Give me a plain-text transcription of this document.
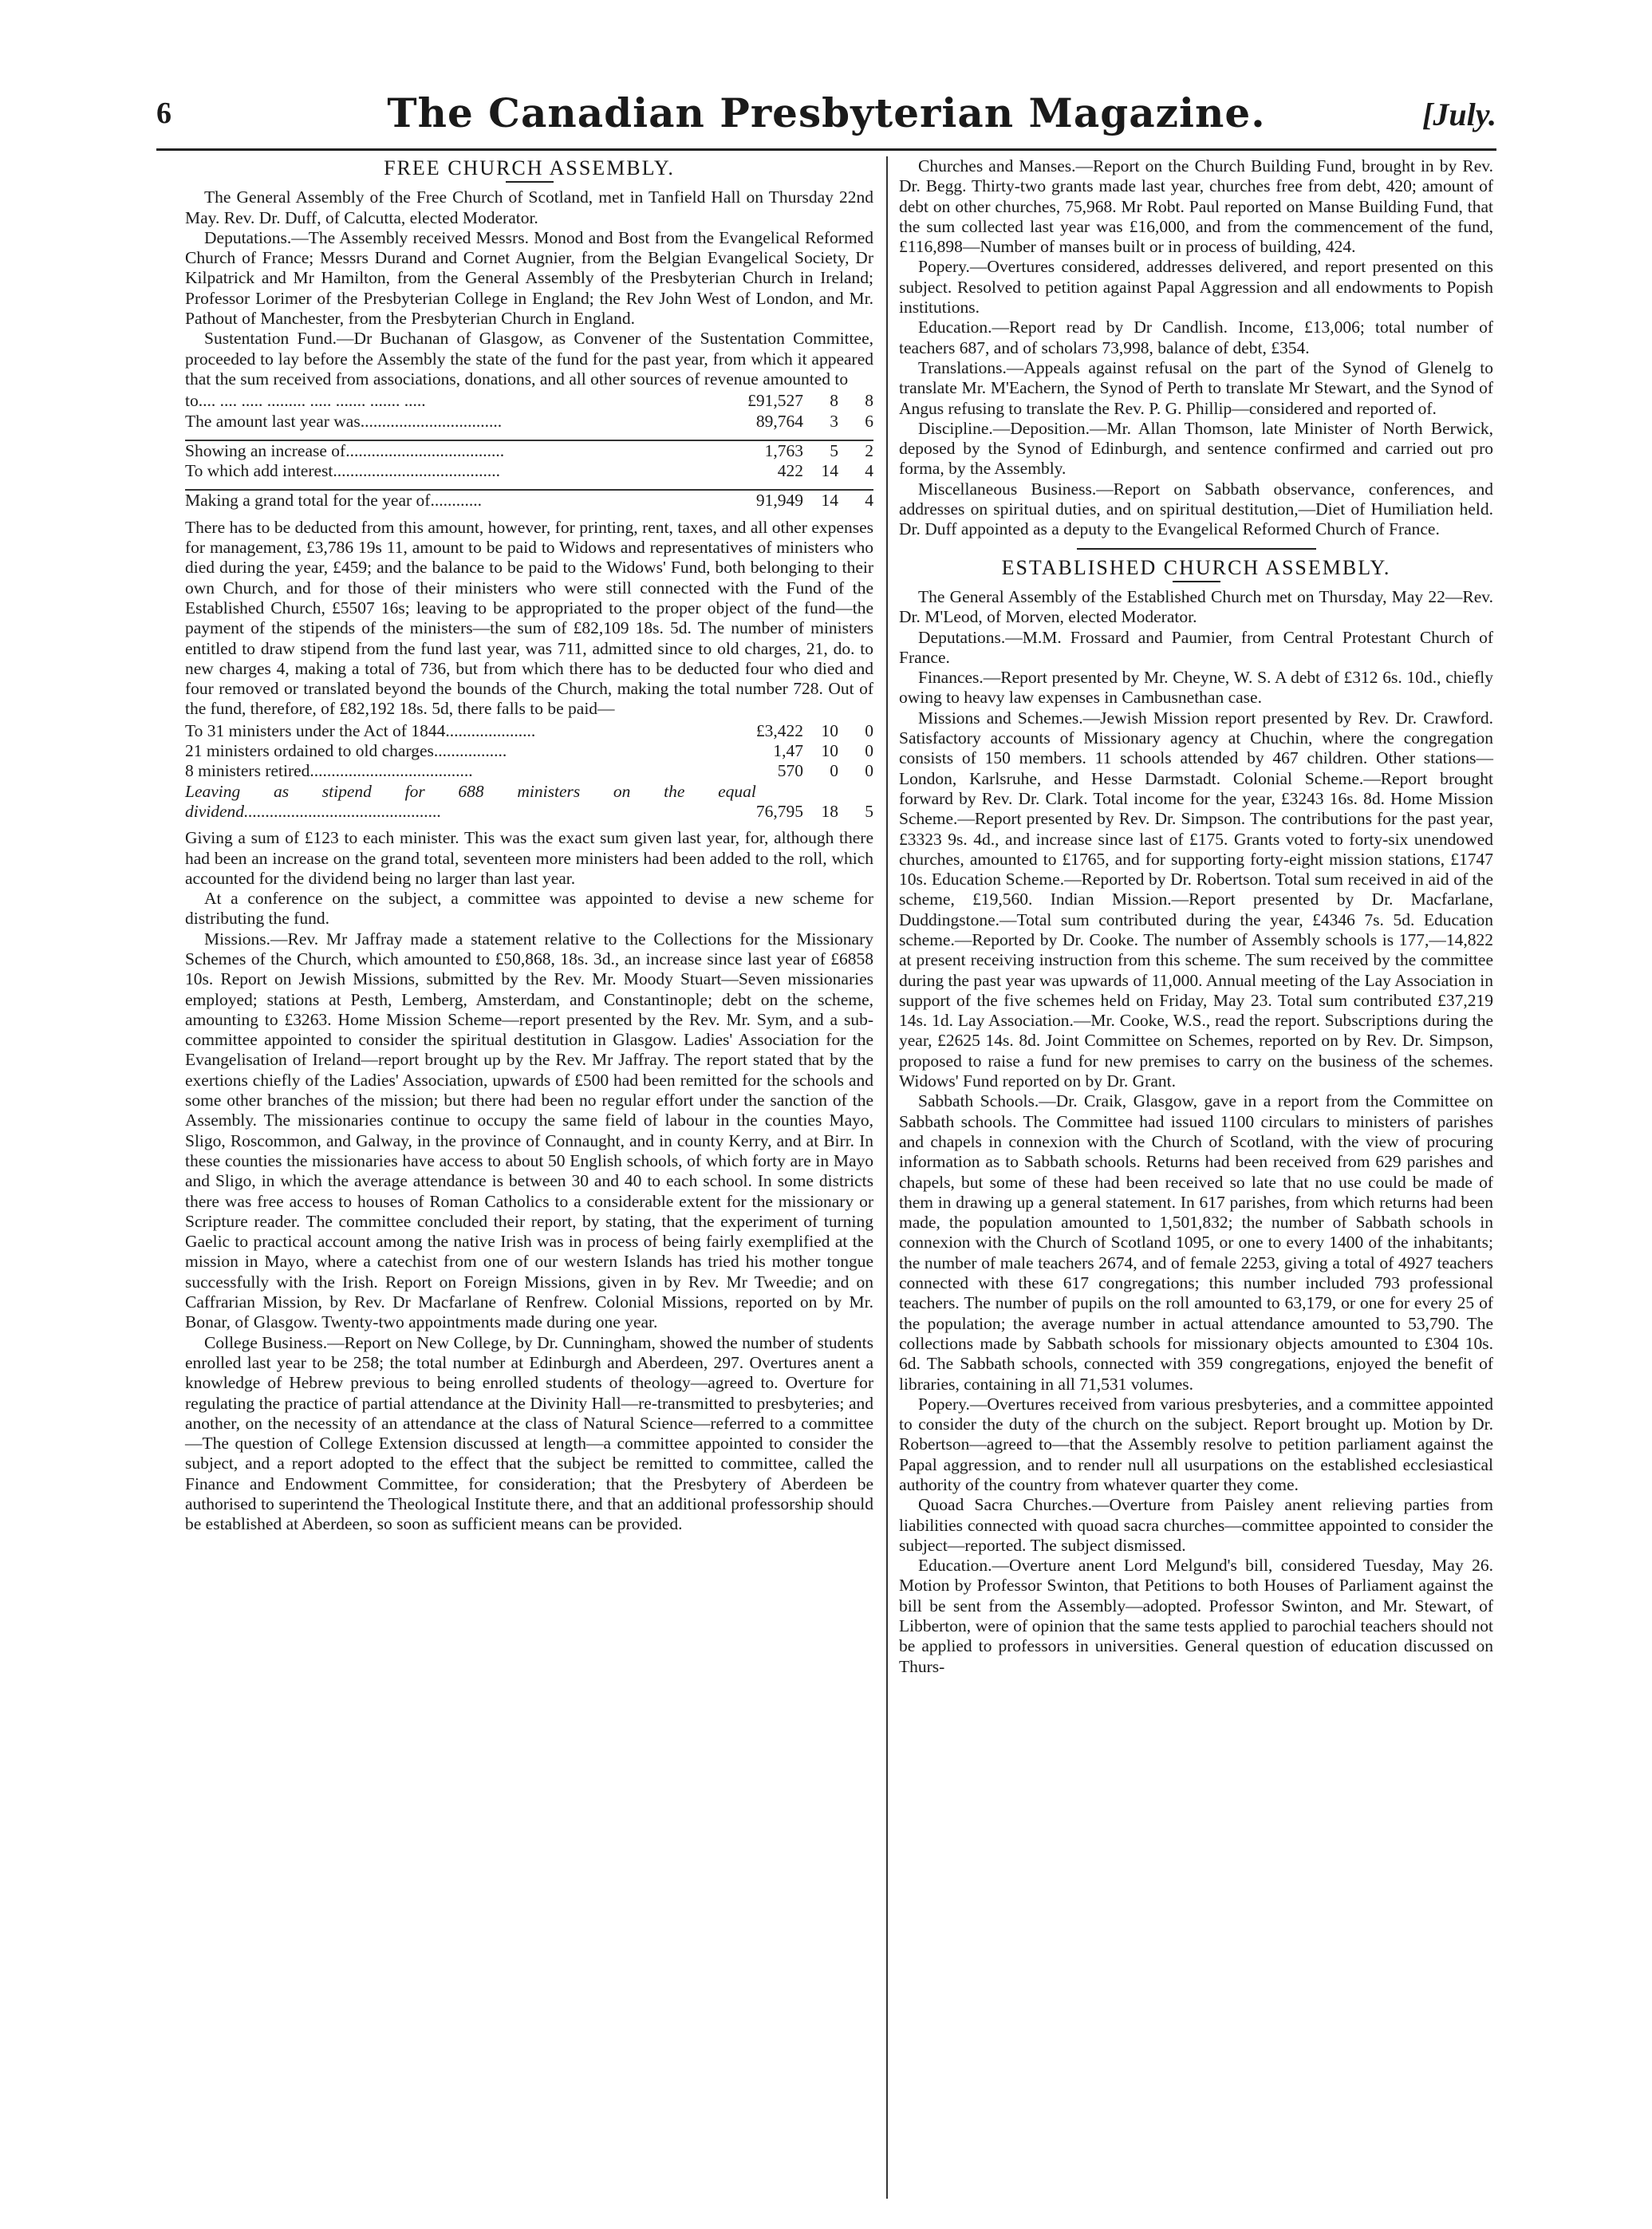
6	The Canadian Presbyterian Magazine.	[July.
FREE CHURCH ASSEMBLY.

The General Assembly of the Free Church of Scotland, met in Tanfield Hall on Thursday 22nd May. Rev. Dr. Duff, of Calcutta, elected Moderator.

Deputations.—The Assembly received Messrs. Monod and Bost from the Evangelical Reformed Church of France; Messrs Durand and Cornet Augnier, from the Belgian Evangelical Society, Dr Kilpatrick and Mr Hamilton, from the General Assembly of the Presbyterian Church in Ireland; Professor Lorimer of the Presbyterian College in England; the Rev John West of London, and Mr. Pathout of Manchester, from the Presbyterian Church in England.

Sustentation Fund.—Dr Buchanan of Glasgow, as Convener of the Sustentation Committee, proceeded to lay before the Assembly the state of the fund for the past year, from which it appeared that the sum received from associations, donations, and all other sources of revenue amounted to

to.... .... ..... ......... ..... ....... ....... .....	£91,527	8	8
The amount last year was.................................	89,764	3	6

Showing an increase of.....................................	1,763	5	2
To which add interest.......................................	422	14	4

Making a grand total for the year of............	91,949	14	4

There has to be deducted from this amount, however, for printing, rent, taxes, and all other expenses for management, £3,786 19s 11, amount to be paid to Widows and representatives of ministers who died during the year, £459; and the balance to be paid to the Widows' Fund, both belonging to their own Church, and for those of their ministers who were still connected with the Fund of the Established Church, £5507 16s; leaving to be appropriated to the proper object of the fund—the payment of the stipends of the ministers—the sum of £82,109 18s. 5d. The number of ministers entitled to draw stipend from the fund last year, was 711, admitted since to old charges, 21, do. to new charges 4, making a total of 736, but from which there has to be deducted four who died and four removed or translated beyond the bounds of the Church, making the total number 728. Out of the fund, therefore, of £82,192 18s. 5d, there falls to be paid—

To 31 ministers under the Act of 1844.....................	£3,422	10	0
21 ministers ordained to old charges.................	1,47	10	0
8 ministers retired......................................	570	0	0
Leaving as stipend for 688 ministers on the equal dividend..............................................	76,795	18	5

Giving a sum of £123 to each minister. This was the exact sum given last year, for, although there had been an increase on the grand total, seventeen more ministers had been added to the roll, which accounted for the dividend being no larger than last year.

At a conference on the subject, a committee was appointed to devise a new scheme for distributing the fund.

Missions.—Rev. Mr Jaffray made a statement relative to the Collections for the Missionary Schemes of the Church, which amounted to £50,868, 18s. 3d., an increase since last year of £6858 10s. Report on Jewish Missions, submitted by the Rev. Mr. Moody Stuart—Seven missionaries employed; stations at Pesth, Lemberg, Amsterdam, and Constantinople; debt on the scheme, amounting to £3263. Home Mission Scheme—report presented by the Rev. Mr. Sym, and a sub-committee appointed to consider the spiritual destitution in Glasgow. Ladies' Association for the Evangelisation of Ireland—report brought up by the Rev. Mr Jaffray. The report stated that by the exertions chiefly of the Ladies' Association, upwards of £500 had been remitted for the schools and some other branches of the mission; but there had been no regular effort under the sanction of the Assembly. The missionaries continue to occupy the same field of labour in the counties Mayo, Sligo, Roscommon, and Galway, in the province of Connaught, and in county Kerry, and at Birr. In these counties the missionaries have access to about 50 English schools, of which forty are in Mayo and Sligo, in which the average attendance is between 30 and 40 to each school. In some districts there was free access to houses of Roman Catholics to a considerable extent for the missionary or Scripture reader. The committee concluded their report, by stating, that the experiment of turning Gaelic to practical account among the native Irish was in process of being fairly exemplified at the mission in Mayo, where a catechist from one of our western Islands has tried his mother tongue successfully with the Irish. Report on Foreign Missions, given in by Rev. Mr Tweedie; and on Caffrarian Mission, by Rev. Dr Macfarlane of Renfrew. Colonial Missions, reported on by Mr. Bonar, of Glasgow. Twenty-two appointments made during one year.

College Business.—Report on New College, by Dr. Cunningham, showed the number of students enrolled last year to be 258; the total number at Edinburgh and Aberdeen, 297. Overtures anent a knowledge of Hebrew previous to being enrolled students of theology—agreed to. Overture for regulating the practice of partial attendance at the Divinity Hall—re-transmitted to presbyteries; and another, on the necessity of an attendance at the class of Natural Science—referred to a committee—The question of College Extension discussed at length—a committee appointed to consider the subject, and a report adopted to the effect that the subject be remitted to committee, called the Finance and Endowment Committee, for consideration; that the Presbytery of Aberdeen be authorised to superintend the Theological Institute there, and that an additional professorship should be established at Aberdeen, so soon as sufficient means can be provided.

Churches and Manses.—Report on the Church Building Fund, brought in by Rev. Dr. Begg. Thirty-two grants made last year, churches free from debt, 420; amount of debt on other churches, 75,968. Mr Robt. Paul reported on Manse Building Fund, that the sum collected last year was £16,000, and from the commencement of the fund, £116,898—Number of manses built or in process of building, 424.

Popery.—Overtures considered, addresses delivered, and report presented on this subject. Resolved to petition against Papal Aggression and all endowments to Popish institutions.

Education.—Report read by Dr Candlish. Income, £13,006; total number of teachers 687, and of scholars 73,998, balance of debt, £354.

Translations.—Appeals against refusal on the part of the Synod of Glenelg to translate Mr. M'Eachern, the Synod of Perth to translate Mr Stewart, and the Synod of Angus refusing to translate the Rev. P. G. Phillip—considered and reported of.

Discipline.—Deposition.—Mr. Allan Thomson, late Minister of North Berwick, deposed by the Synod of Edinburgh, and sentence confirmed and carried out pro forma, by the Assembly.

Miscellaneous Business.—Report on Sabbath observance, conferences, and addresses on spiritual duties, and on spiritual destitution,—Diet of Humiliation held. Dr. Duff appointed as a deputy to the Evangelical Reformed Church of France.

ESTABLISHED CHURCH ASSEMBLY.

The General Assembly of the Established Church met on Thursday, May 22—Rev. Dr. M'Leod, of Morven, elected Moderator.

Deputations.—M.M. Frossard and Paumier, from Central Protestant Church of France.

Finances.—Report presented by Mr. Cheyne, W. S. A debt of £312 6s. 10d., chiefly owing to heavy law expenses in Cambusnethan case.

Missions and Schemes.—Jewish Mission report presented by Rev. Dr. Crawford. Satisfactory accounts of Missionary agency at Chuchin, where the congregation consists of 150 members. 11 schools attended by 467 children. Other stations—London, Karlsruhe, and Hesse Darmstadt. Colonial Scheme.—Report brought forward by Rev. Dr. Clark. Total income for the year, £3243 16s. 8d. Home Mission Scheme.—Report presented by Rev. Dr. Simpson. The contributions for the past year, £3323 9s. 4d., and increase since last of £175. Grants voted to forty-six unendowed churches, amounted to £1765, and for supporting forty-eight mission stations, £1747 10s. Education Scheme.—Reported by Dr. Robertson. Total sum received in aid of the scheme, £19,560. Indian Mission.—Report presented by Dr. Macfarlane, Duddingstone.—Total sum contributed during the year, £4346 7s. 5d. Education scheme.—Reported by Dr. Cooke. The number of Assembly schools is 177,—14,822 at present receiving instruction from this scheme. The sum received by the committee during the past year was upwards of 11,000. Annual meeting of the Lay Association in support of the five schemes held on Friday, May 23. Total sum contributed £37,219 14s. 1d. Lay Association.—Mr. Cooke, W.S., read the report. Subscriptions during the year, £2625 14s. 8d. Joint Committee on Schemes, reported on by Rev. Dr. Simpson, proposed to raise a fund for new premises to carry on the business of the schemes. Widows' Fund reported on by Dr. Grant.

Sabbath Schools.—Dr. Craik, Glasgow, gave in a report from the Committee on Sabbath schools. The Committee had issued 1100 circulars to ministers of parishes and chapels in connexion with the Church of Scotland, with the view of procuring information as to Sabbath schools. Returns had been received from 629 parishes and chapels, but some of these had been received so late that no use could be made of them in drawing up a general statement. In 617 parishes, from which returns had been made, the population amounted to 1,501,832; the number of Sabbath schools in connexion with the Church of Scotland 1095, or one to every 1400 of the inhabitants; the number of male teachers 2674, and of female 2253, giving a total of 4927 teachers connected with these 617 congregations; this number included 793 professional teachers. The number of pupils on the roll amounted to 63,179, or one for every 25 of the population; the average number in actual attendance amounted to 53,790. The collections made by Sabbath schools for missionary objects amounted to £304 10s. 6d. The Sabbath schools, connected with 359 congregations, enjoyed the benefit of libraries, containing in all 71,531 volumes.

Popery.—Overtures received from various presbyteries, and a committee appointed to consider the duty of the church on the subject. Report brought up. Motion by Dr. Robertson—agreed to—that the Assembly resolve to petition parliament against the Papal aggression, and to render null all usurpations on the established ecclesiastical authority of the country from whatever quarter they come.

Quoad Sacra Churches.—Overture from Paisley anent relieving parties from liabilities connected with quoad sacra churches—committee appointed to consider the subject—reported. The subject dismissed.

Education.—Overture anent Lord Melgund's bill, considered Tuesday, May 26. Motion by Professor Swinton, that Petitions to both Houses of Parliament against the bill be sent from the Assembly—adopted. Professor Swinton, and Mr. Stewart, of Libberton, were of opinion that the same tests applied to parochial teachers should not be applied to professors in universities. General question of education discussed on Thurs-
